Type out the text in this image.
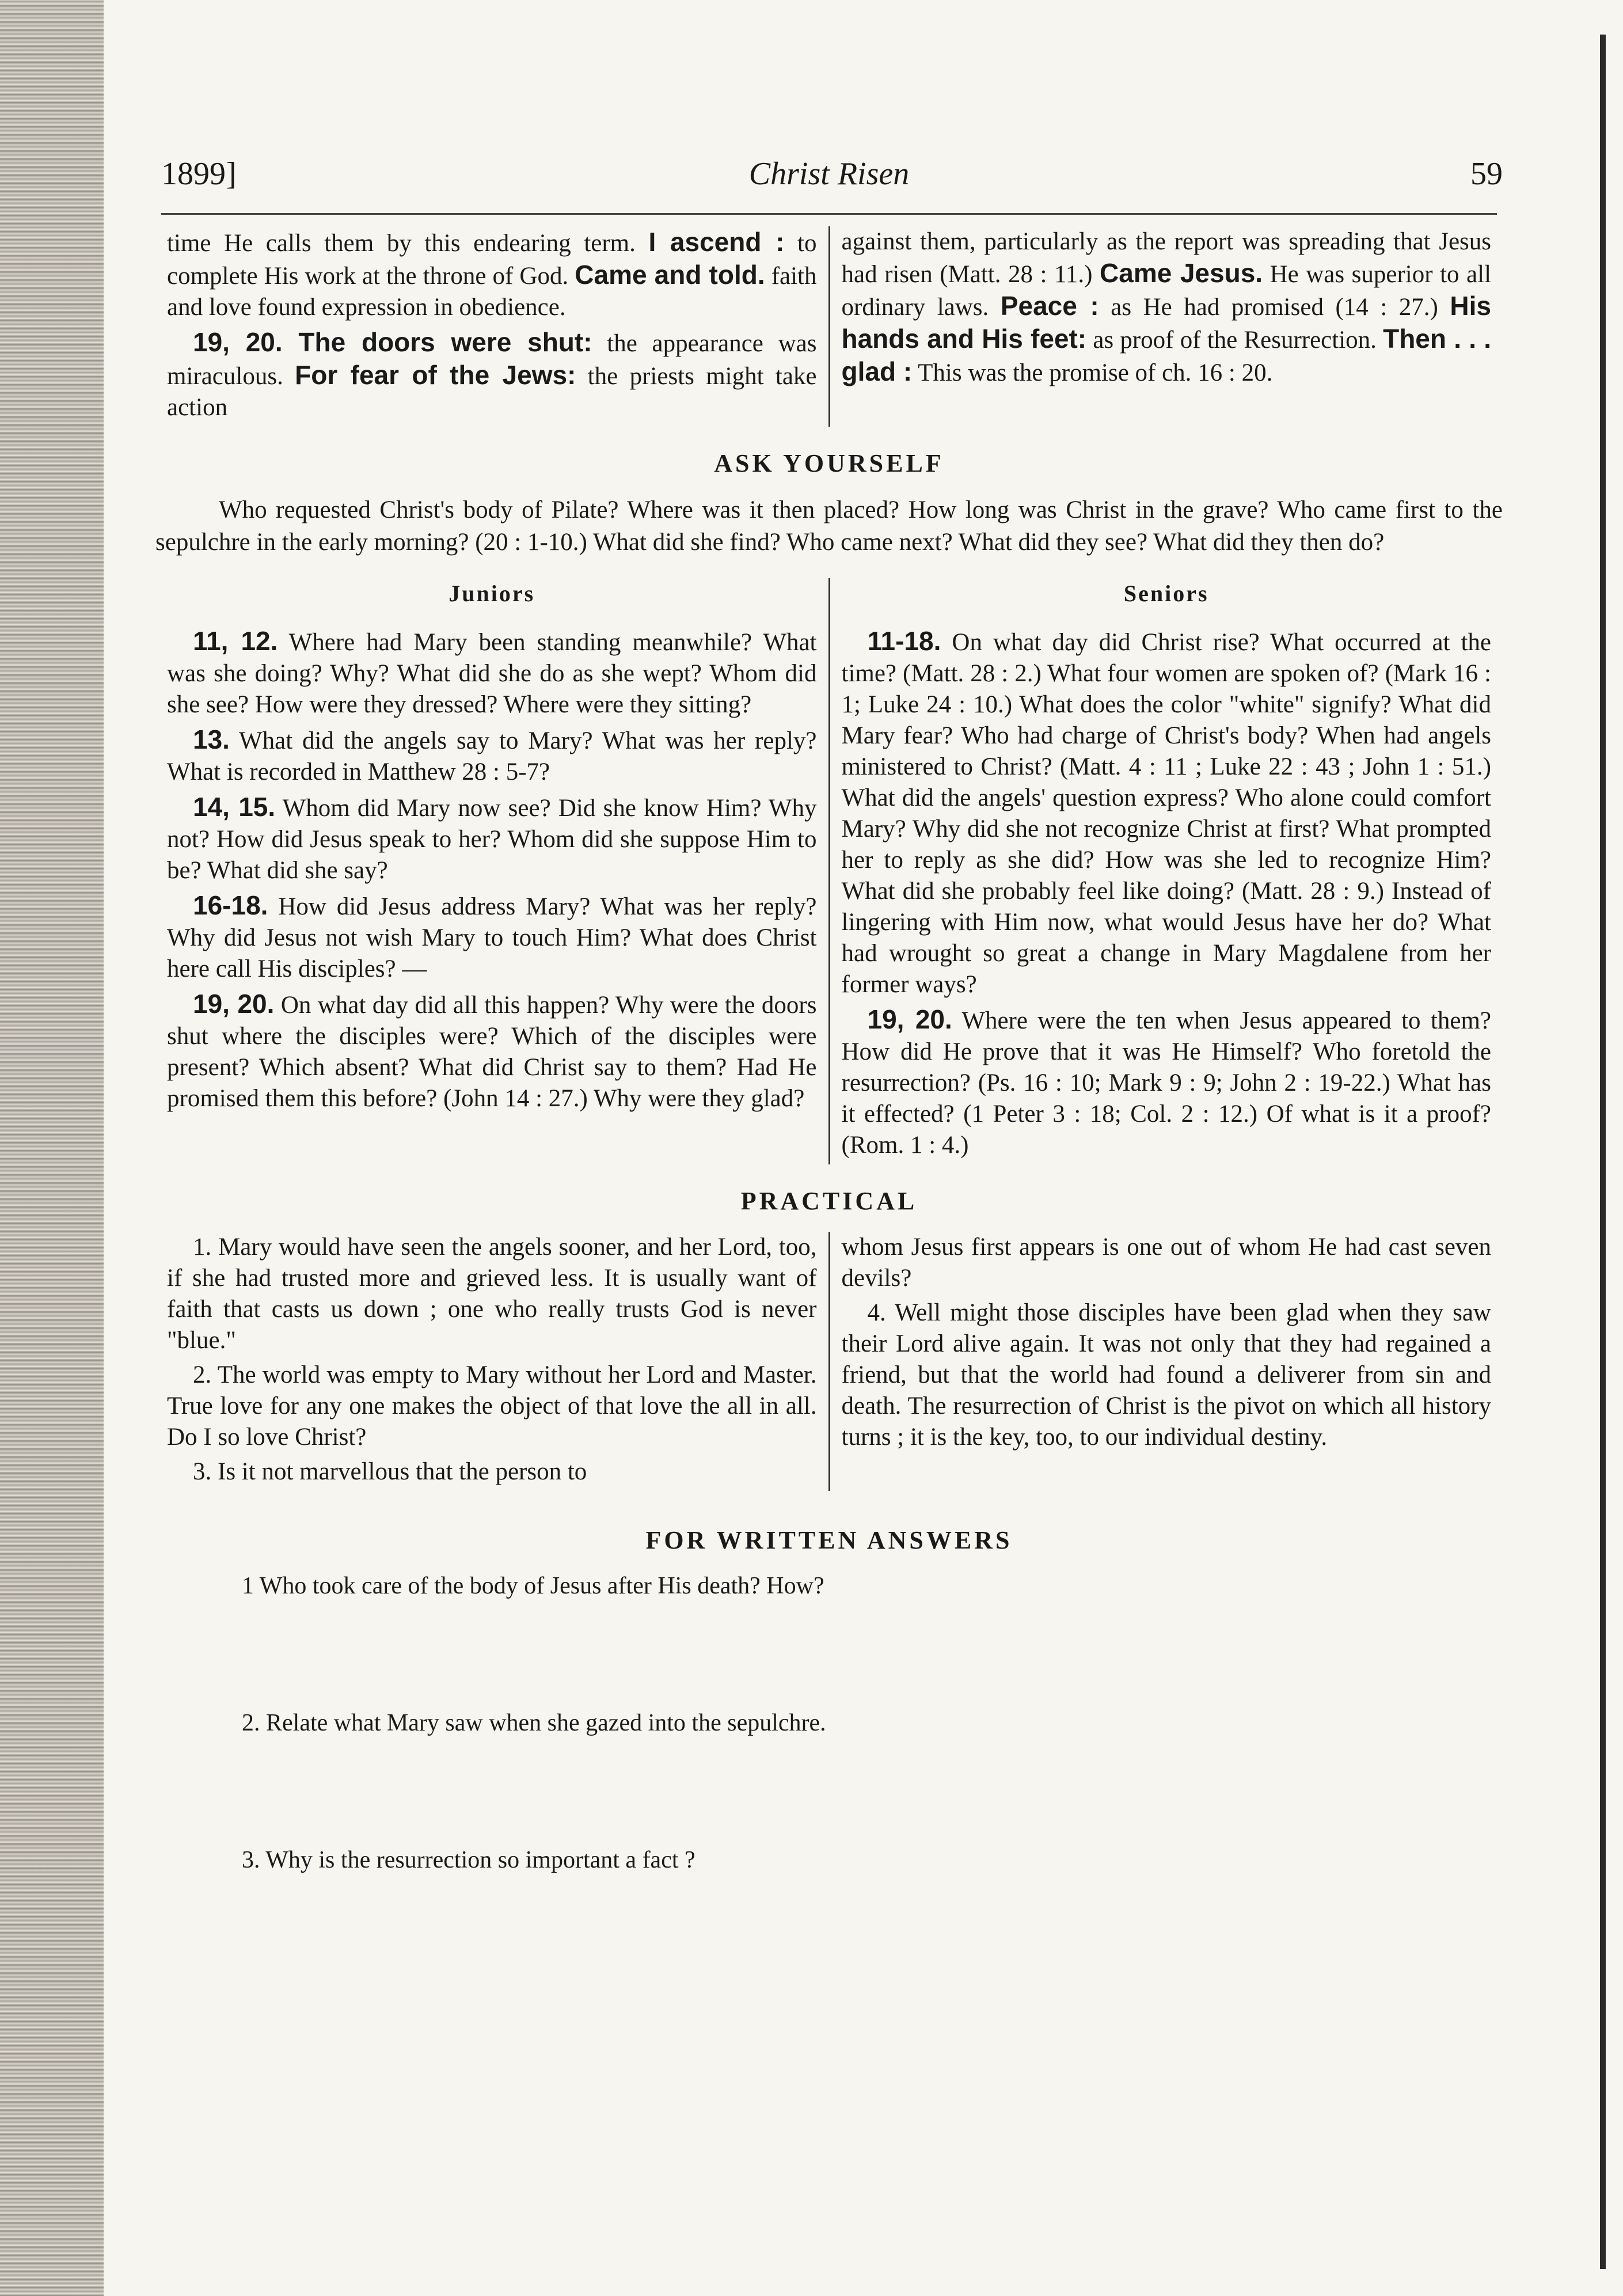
1899]	Christ Risen	59

time He calls them by this endearing term. I ascend : to complete His work at the throne of God. Came and told. faith and love found expression in obedience.

19, 20. The doors were shut: the appearance was miraculous. For fear of the Jews: the priests might take action

against them, particularly as the report was spreading that Jesus had risen (Matt. 28 : 11.) Came Jesus. He was superior to all ordinary laws. Peace : as He had promised (14 : 27.) His hands and His feet: as proof of the Resurrection. Then . . . glad : This was the promise of ch. 16 : 20.

ASK YOURSELF

Who requested Christ's body of Pilate? Where was it then placed? How long was Christ in the grave? Who came first to the sepulchre in the early morning? (20 : 1-10.) What did she find? Who came next? What did they see? What did they then do?

Juniors

11, 12. Where had Mary been standing meanwhile? What was she doing? Why? What did she do as she wept? Whom did she see? How were they dressed? Where were they sitting?

13. What did the angels say to Mary? What was her reply? What is recorded in Matthew 28 : 5-7?

14, 15. Whom did Mary now see? Did she know Him? Why not? How did Jesus speak to her? Whom did she suppose Him to be? What did she say?

16-18. How did Jesus address Mary? What was her reply? Why did Jesus not wish Mary to touch Him? What does Christ here call His disciples? —

19, 20. On what day did all this happen? Why were the doors shut where the disciples were? Which of the disciples were present? Which absent? What did Christ say to them? Had He promised them this before? (John 14 : 27.) Why were they glad?

Seniors

11-18. On what day did Christ rise? What occurred at the time? (Matt. 28 : 2.) What four women are spoken of? (Mark 16 : 1; Luke 24 : 10.) What does the color "white" signify? What did Mary fear? Who had charge of Christ's body? When had angels ministered to Christ? (Matt. 4 : 11 ; Luke 22 : 43 ; John 1 : 51.) What did the angels' question express? Who alone could comfort Mary? Why did she not recognize Christ at first? What prompted her to reply as she did? How was she led to recognize Him? What did she probably feel like doing? (Matt. 28 : 9.) Instead of lingering with Him now, what would Jesus have her do? What had wrought so great a change in Mary Magdalene from her former ways?

19, 20. Where were the ten when Jesus appeared to them? How did He prove that it was He Himself? Who foretold the resurrection? (Ps. 16 : 10; Mark 9 : 9; John 2 : 19-22.) What has it effected? (1 Peter 3 : 18; Col. 2 : 12.) Of what is it a proof? (Rom. 1 : 4.)

PRACTICAL

1. Mary would have seen the angels sooner, and her Lord, too, if she had trusted more and grieved less. It is usually want of faith that casts us down ; one who really trusts God is never "blue."

2. The world was empty to Mary without her Lord and Master. True love for any one makes the object of that love the all in all. Do I so love Christ?

3. Is it not marvellous that the person to

whom Jesus first appears is one out of whom He had cast seven devils?

4. Well might those disciples have been glad when they saw their Lord alive again. It was not only that they had regained a friend, but that the world had found a deliverer from sin and death. The resurrection of Christ is the pivot on which all history turns ; it is the key, too, to our individual destiny.

FOR WRITTEN ANSWERS

1 Who took care of the body of Jesus after His death? How?

2. Relate what Mary saw when she gazed into the sepulchre.

3. Why is the resurrection so important a fact ?
